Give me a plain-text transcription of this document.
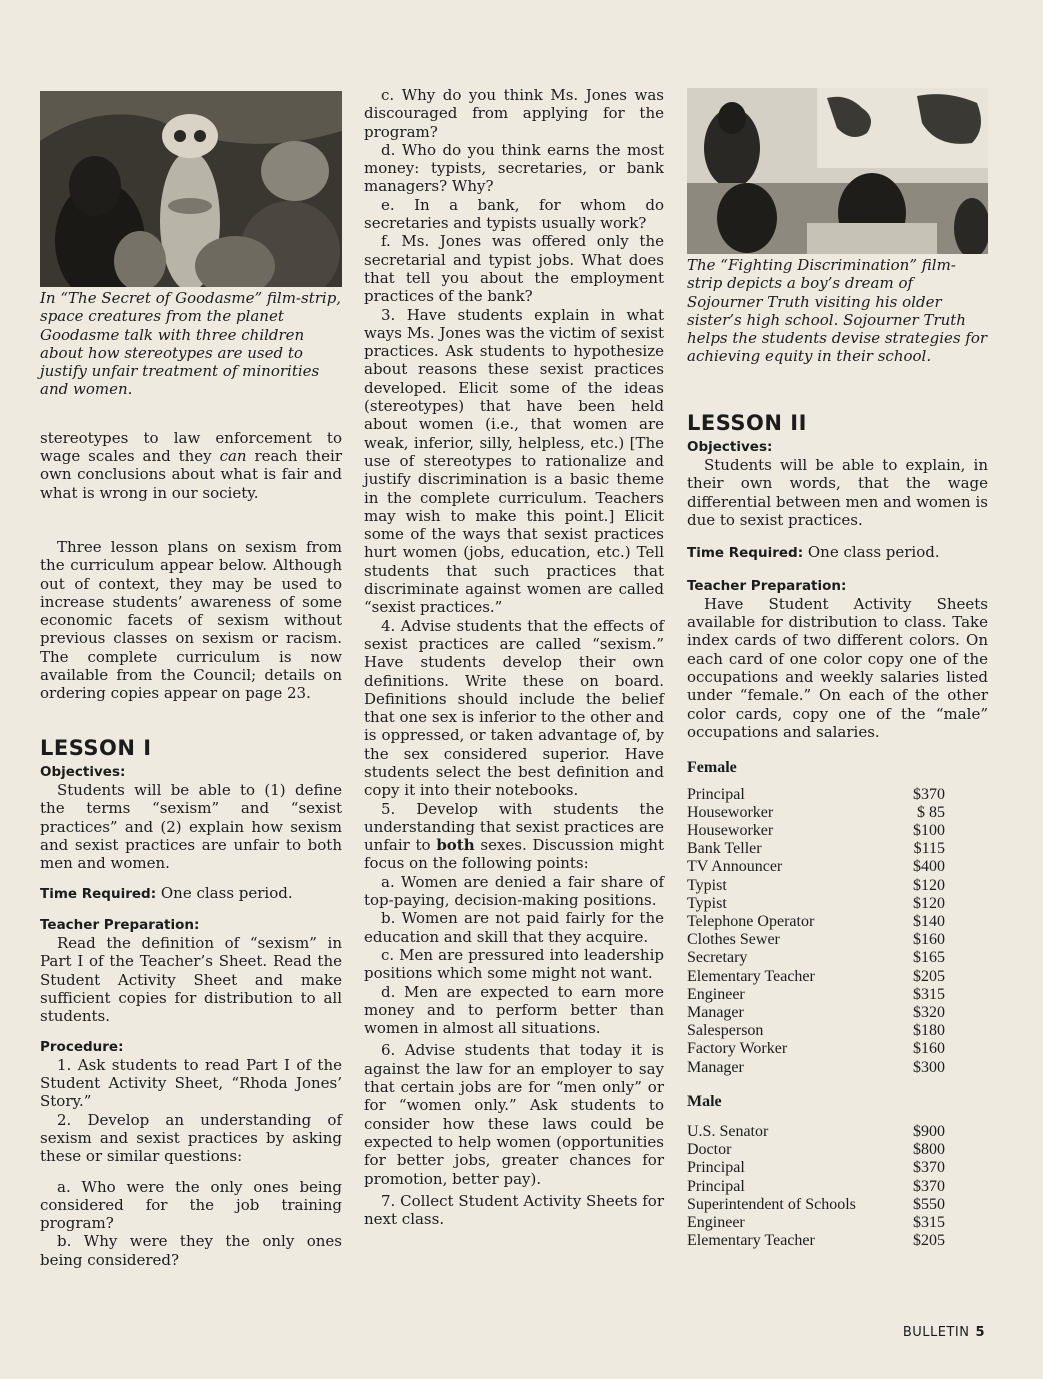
In “The Secret of Goodasme” film-strip, space creatures from the planet Goodasme talk with three children about how stereotypes are used to justify unfair treatment of minorities and women.

stereotypes to law enforcement to wage scales and they can reach their own conclusions about what is fair and what is wrong in our society.

Three lesson plans on sexism from the curriculum appear below. Although out of context, they may be used to increase students’ awareness of some economic facets of sexism without previous classes on sexism or racism. The complete curriculum is now available from the Council; details on ordering copies appear on page 23.

LESSON I
Objectives:

Students will be able to (1) define the terms “sexism” and “sexist practices” and (2) explain how sexism and sexist practices are unfair to both men and women.

Time Required: One class period.

Teacher Preparation:

Read the definition of “sexism” in Part I of the Teacher’s Sheet. Read the Student Activity Sheet and make sufficient copies for distribution to all students.

Procedure:

1. Ask students to read Part I of the Student Activity Sheet, “Rhoda Jones’ Story.”

2. Develop an understanding of sexism and sexist practices by asking these or similar questions:

a. Who were the only ones being considered for the job training program?

b. Why were they the only ones being considered?

c. Why do you think Ms. Jones was discouraged from applying for the program?

d. Who do you think earns the most money: typists, secretaries, or bank managers? Why?

e. In a bank, for whom do secretaries and typists usually work?

f. Ms. Jones was offered only the secretarial and typist jobs. What does that tell you about the employment practices of the bank?

3. Have students explain in what ways Ms. Jones was the victim of sexist practices. Ask students to hypothesize about reasons these sexist practices developed. Elicit some of the ideas (stereotypes) that have been held about women (i.e., that women are weak, inferior, silly, helpless, etc.) [The use of stereotypes to rationalize and justify discrimination is a basic theme in the complete curriculum. Teachers may wish to make this point.] Elicit some of the ways that sexist practices hurt women (jobs, education, etc.) Tell students that such practices that discriminate against women are called “sexist practices.”

4. Advise students that the effects of sexist practices are called “sexism.” Have students develop their own definitions. Write these on board. Definitions should include the belief that one sex is inferior to the other and is oppressed, or taken advantage of, by the sex considered superior. Have students select the best definition and copy it into their notebooks.

5. Develop with students the understanding that sexist practices are unfair to both sexes. Discussion might focus on the following points:

a. Women are denied a fair share of top-paying, decision-making positions.

b. Women are not paid fairly for the education and skill that they acquire.

c. Men are pressured into leadership positions which some might not want.

d. Men are expected to earn more money and to perform better than women in almost all situations.

6. Advise students that today it is against the law for an employer to say that certain jobs are for “men only” or for “women only.” Ask students to consider how these laws could be expected to help women (opportunities for better jobs, greater chances for promotion, better pay).

7. Collect Student Activity Sheets for next class.

The “Fighting Discrimination” film-strip depicts a boy’s dream of Sojourner Truth visiting his older sister’s high school. Sojourner Truth helps the students devise strategies for achieving equity in their school.

LESSON II
Objectives:

Students will be able to explain, in their own words, that the wage differential between men and women is due to sexist practices.

Time Required: One class period.

Teacher Preparation:

Have Student Activity Sheets available for distribution to class. Take index cards of two different colors. On each card of one color copy one of the occupations and weekly salaries listed under “female.” On each of the other color cards, copy one of the “male” occupations and salaries.

Female
Principal	$370
Houseworker	$ 85
Houseworker	$100
Bank Teller	$115
TV Announcer	$400
Typist	$120
Typist	$120
Telephone Operator	$140
Clothes Sewer	$160
Secretary	$165
Elementary Teacher	$205
Engineer	$315
Manager	$320
Salesperson	$180
Factory Worker	$160
Manager	$300
Male
U.S. Senator	$900
Doctor	$800
Principal	$370
Principal	$370
Superintendent of Schools	$550
Engineer	$315
Elementary Teacher	$205
BULLETIN 5
